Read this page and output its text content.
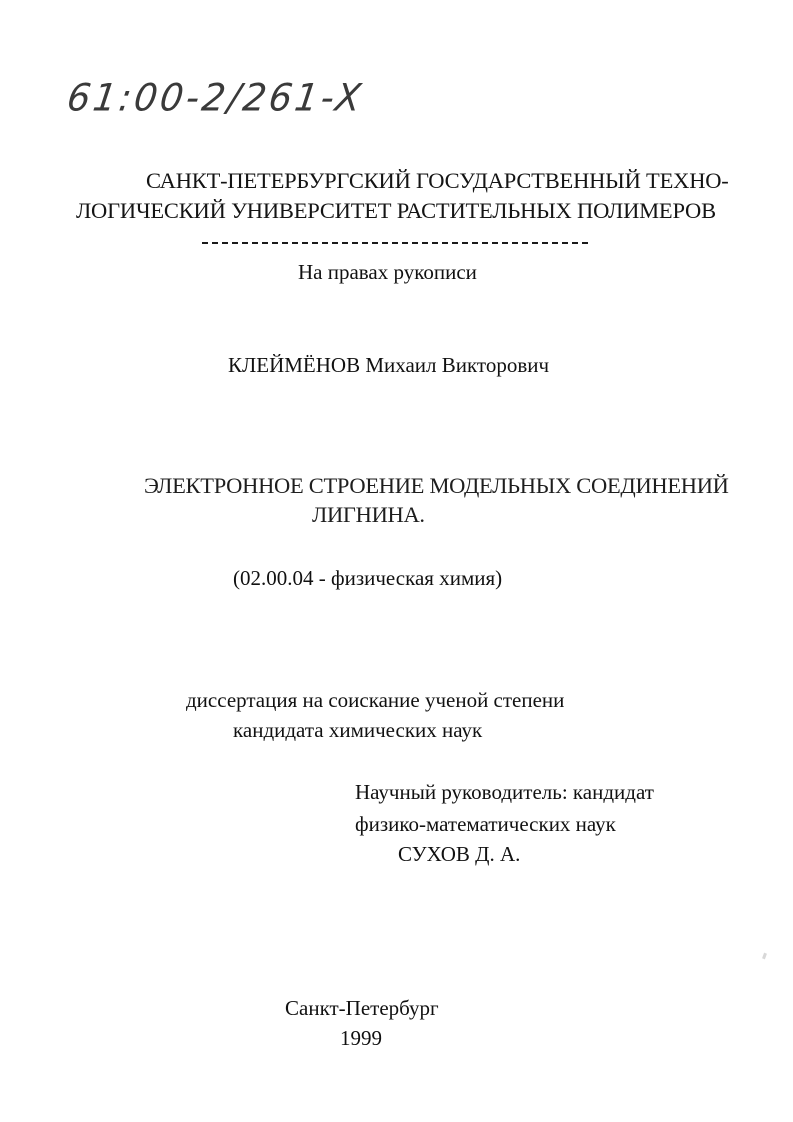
61:00-2/261-X
САНКТ-ПЕТЕРБУРГСКИЙ ГОСУДАРСТВЕННЫЙ ТЕХНО-
ЛОГИЧЕСКИЙ УНИВЕРСИТЕТ РАСТИТЕЛЬНЫХ ПОЛИМЕРОВ
На правах рукописи
КЛЕЙМЁНОВ Михаил Викторович
ЭЛЕКТРОННОЕ СТРОЕНИЕ МОДЕЛЬНЫХ СОЕДИНЕНИЙ
ЛИГНИНА.
(02.00.04 - физическая химия)
диссертация на соискание ученой степени
кандидата химических наук
Научный руководитель: кандидат
физико-математических наук
СУХОВ Д. А.
Санкт-Петербург
1999
